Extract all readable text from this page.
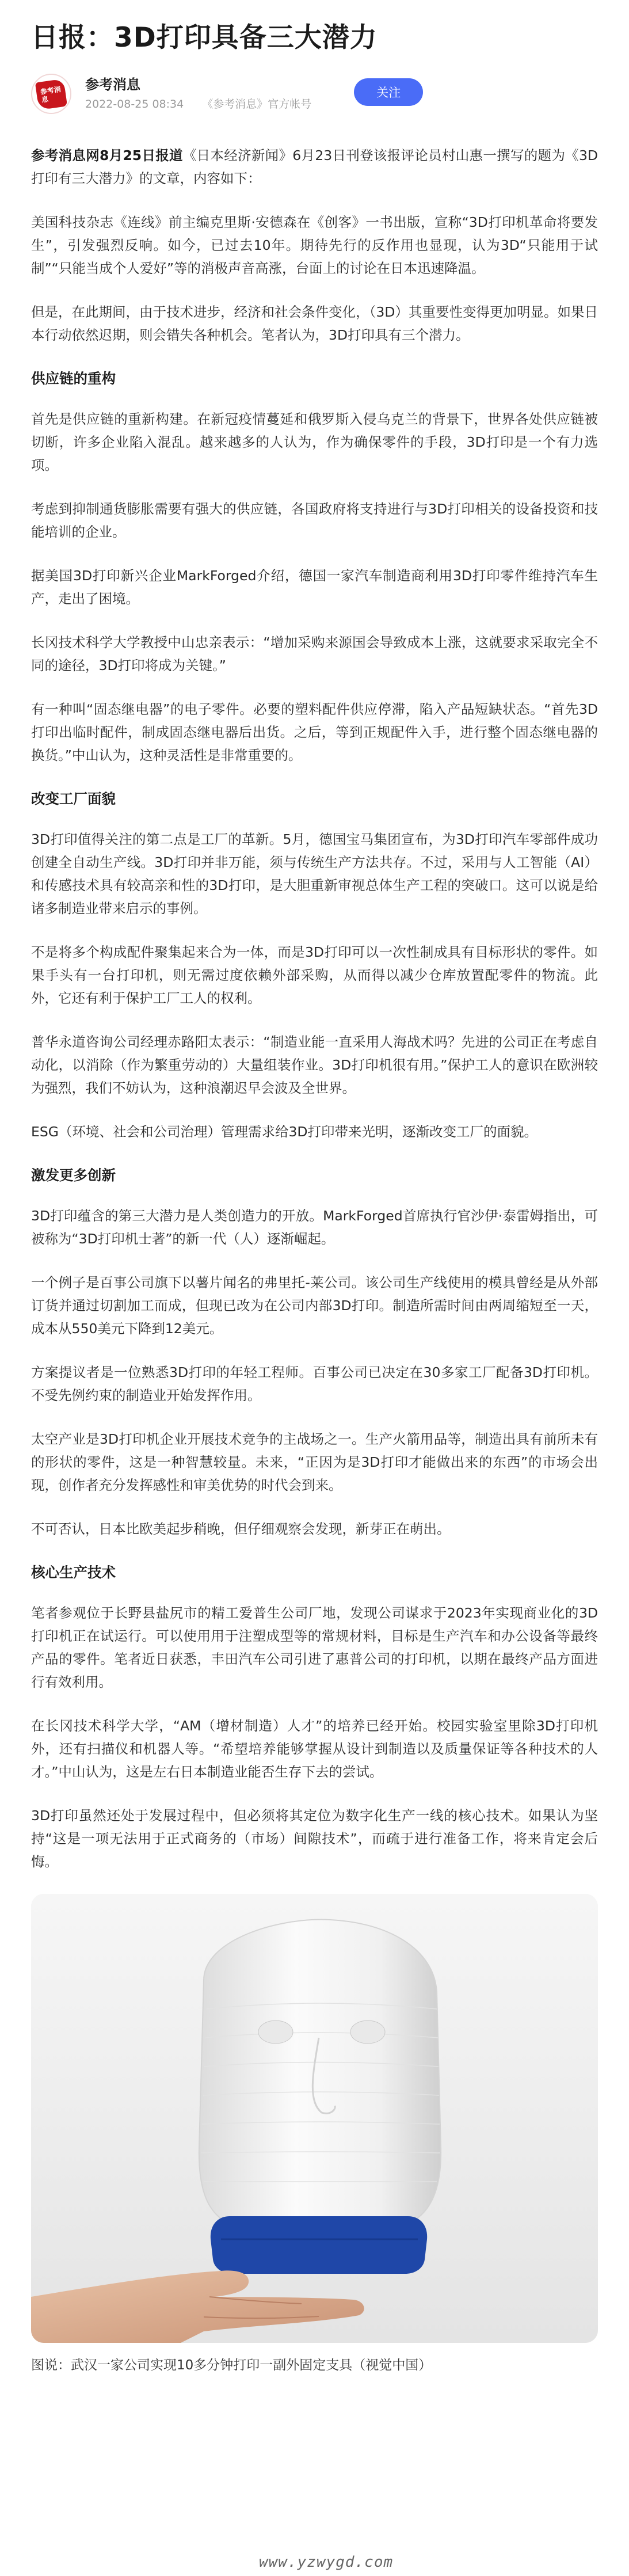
日报：3D打印具备三大潜力
参考消息
参考消息
2022-08-25 08:34 《参考消息》官方帐号
关注

参考消息网8月25日报道《日本经济新闻》6月23日刊登该报评论员村山惠一撰写的题为《3D打印有三大潜力》的文章，内容如下：

美国科技杂志《连线》前主编克里斯·安德森在《创客》一书出版，宣称“3D打印机革命将要发生”，引发强烈反响。如今，已过去10年。期待先行的反作用也显现，认为3D“只能用于试制”“只能当成个人爱好”等的消极声音高涨，台面上的讨论在日本迅速降温。

但是，在此期间，由于技术进步，经济和社会条件变化，（3D）其重要性变得更加明显。如果日本行动依然迟期，则会错失各种机会。笔者认为，3D打印具有三个潜力。

供应链的重构

首先是供应链的重新构建。在新冠疫情蔓延和俄罗斯入侵乌克兰的背景下，世界各处供应链被切断，许多企业陷入混乱。越来越多的人认为，作为确保零件的手段，3D打印是一个有力选项。

考虑到抑制通货膨胀需要有强大的供应链，各国政府将支持进行与3D打印相关的设备投资和技能培训的企业。

据美国3D打印新兴企业MarkForged介绍，德国一家汽车制造商利用3D打印零件维持汽车生产，走出了困境。

长冈技术科学大学教授中山忠亲表示：“增加采购来源国会导致成本上涨，这就要求采取完全不同的途径，3D打印将成为关键。”

有一种叫“固态继电器”的电子零件。必要的塑料配件供应停滞，陷入产品短缺状态。“首先3D打印出临时配件，制成固态继电器后出货。之后，等到正规配件入手，进行整个固态继电器的换货。”中山认为，这种灵活性是非常重要的。

改变工厂面貌

3D打印值得关注的第二点是工厂的革新。5月，德国宝马集团宣布，为3D打印汽车零部件成功创建全自动生产线。3D打印并非万能，须与传统生产方法共存。不过，采用与人工智能（AI）和传感技术具有较高亲和性的3D打印，是大胆重新审视总体生产工程的突破口。这可以说是给诸多制造业带来启示的事例。

不是将多个构成配件聚集起来合为一体，而是3D打印可以一次性制成具有目标形状的零件。如果手头有一台打印机，则无需过度依赖外部采购，从而得以减少仓库放置配零件的物流。此外，它还有利于保护工厂工人的权利。

普华永道咨询公司经理赤路阳太表示：“制造业能一直采用人海战术吗？先进的公司正在考虑自动化，以消除（作为繁重劳动的）大量组装作业。3D打印机很有用。”保护工人的意识在欧洲较为强烈，我们不妨认为，这种浪潮迟早会波及全世界。

ESG（环境、社会和公司治理）管理需求给3D打印带来光明，逐渐改变工厂的面貌。

激发更多创新

3D打印蕴含的第三大潜力是人类创造力的开放。MarkForged首席执行官沙伊·泰雷姆指出，可被称为“3D打印机士著”的新一代（人）逐渐崛起。

一个例子是百事公司旗下以薯片闻名的弗里托-莱公司。该公司生产线使用的模具曾经是从外部订货并通过切割加工而成，但现已改为在公司内部3D打印。制造所需时间由两周缩短至一天，成本从550美元下降到12美元。

方案提议者是一位熟悉3D打印的年轻工程师。百事公司已决定在30多家工厂配备3D打印机。不受先例约束的制造业开始发挥作用。

太空产业是3D打印机企业开展技术竞争的主战场之一。生产火箭用品等，制造出具有前所未有的形状的零件，这是一种智慧较量。未来，“正因为是3D打印才能做出来的东西”的市场会出现，创作者充分发挥感性和审美优势的时代会到来。

不可否认，日本比欧美起步稍晚，但仔细观察会发现，新芽正在萌出。

核心生产技术

笔者参观位于长野县盐尻市的精工爱普生公司厂地，发现公司谋求于2023年实现商业化的3D打印机正在试运行。可以使用用于注塑成型等的常规材料，目标是生产汽车和办公设备等最终产品的零件。笔者近日获悉，丰田汽车公司引进了惠普公司的打印机，以期在最终产品方面进行有效利用。

在长冈技术科学大学，“AM（增材制造）人才”的培养已经开始。校园实验室里除3D打印机外，还有扫描仪和机器人等。“希望培养能够掌握从设计到制造以及质量保证等各种技术的人才。”中山认为，这是左右日本制造业能否生存下去的尝试。

3D打印虽然还处于发展过程中，但必须将其定位为数字化生产一线的核心技术。如果认为坚持“这是一项无法用于正式商务的（市场）间隙技术”，而疏于进行准备工作，将来肯定会后悔。

图说：武汉一家公司实现10多分钟打印一副外固定支具（视觉中国）
www.yzwygd.com
